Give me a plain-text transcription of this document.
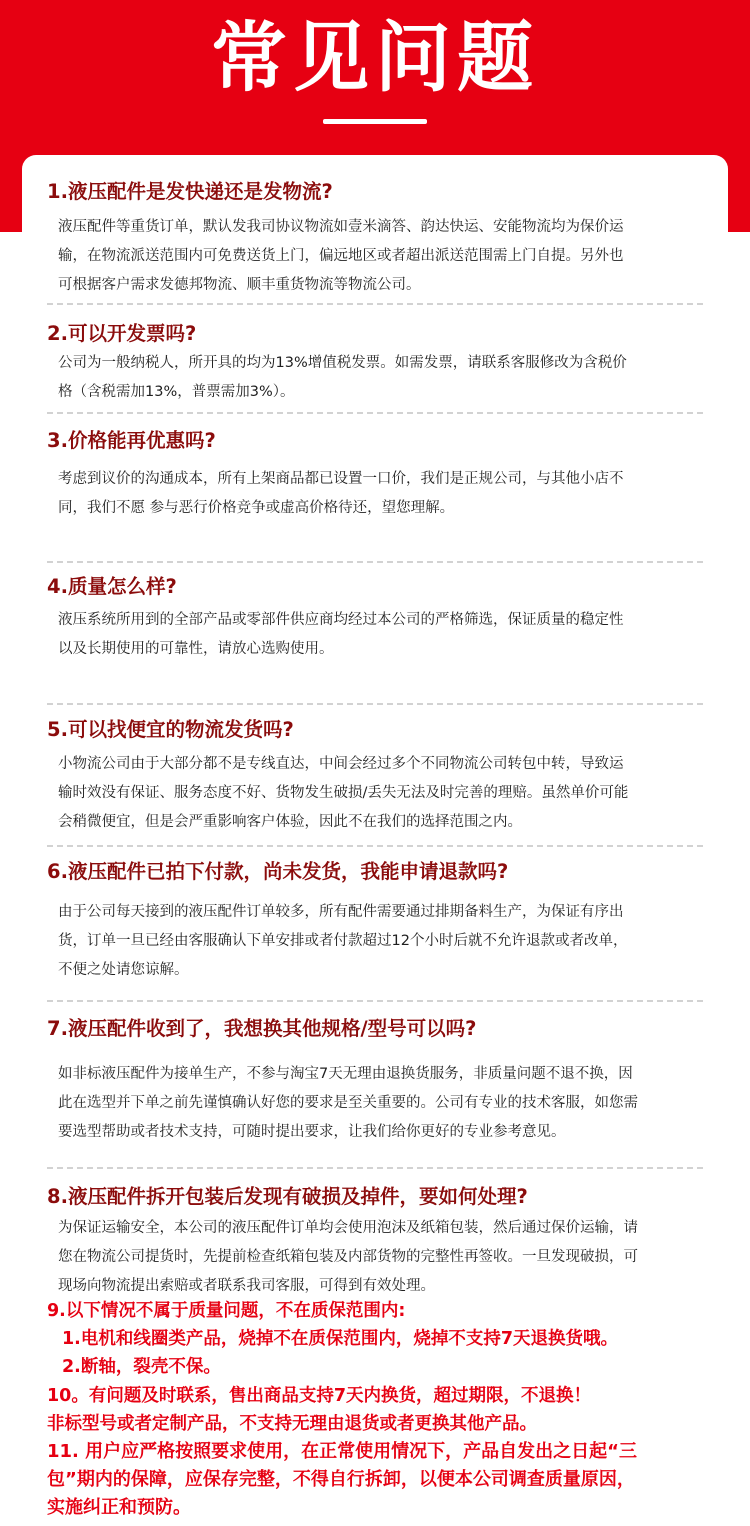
常见问题
1.液压配件是发快递还是发物流?

液压配件等重货订单，默认发我司协议物流如壹米滴答、韵达快运、安能物流均为保价运

输，在物流派送范围内可免费送货上门，偏远地区或者超出派送范围需上门自提。另外也

可根据客户需求发德邦物流、顺丰重货物流等物流公司。

2.可以开发票吗?

公司为一般纳税人，所开具的均为13%增值税发票。如需发票，请联系客服修改为含税价

格（含税需加13%，普票需加3%）。

3.价格能再优惠吗?

考虑到议价的沟通成本，所有上架商品都已设置一口价，我们是正规公司，与其他小店不

同，我们不愿 参与恶行价格竞争或虚高价格待还，望您理解。

4.质量怎么样?

液压系统所用到的全部产品或零部件供应商均经过本公司的严格筛选，保证质量的稳定性

以及长期使用的可靠性，请放心选购使用。

5.可以找便宜的物流发货吗?

小物流公司由于大部分都不是专线直达，中间会经过多个不同物流公司转包中转，导致运

输时效没有保证、服务态度不好、货物发生破损/丢失无法及时完善的理赔。虽然单价可能

会稍微便宜，但是会严重影响客户体验，因此不在我们的选择范围之内。

6.液压配件已拍下付款，尚未发货，我能申请退款吗?

由于公司每天接到的液压配件订单较多，所有配件需要通过排期备料生产，为保证有序出

货，订单一旦已经由客服确认下单安排或者付款超过12个小时后就不允许退款或者改单，

不便之处请您谅解。

7.液压配件收到了，我想换其他规格/型号可以吗?

如非标液压配件为接单生产，不参与淘宝7天无理由退换货服务，非质量问题不退不换，因

此在选型并下单之前先谨慎确认好您的要求是至关重要的。公司有专业的技术客服，如您需

要选型帮助或者技术支持，可随时提出要求，让我们给你更好的专业参考意见。

8.液压配件拆开包装后发现有破损及掉件，要如何处理?

为保证运输安全，本公司的液压配件订单均会使用泡沫及纸箱包装，然后通过保价运输，请

您在物流公司提货时，先提前检查纸箱包装及内部货物的完整性再签收。一旦发现破损，可

现场向物流提出索赔或者联系我司客服，可得到有效处理。

9.以下情况不属于质量问题，不在质保范围内:
1.电机和线圈类产品，烧掉不在质保范围内，烧掉不支持7天退换货哦。
2.断轴，裂壳不保。
10。有问题及时联系，售出商品支持7天内换货，超过期限，不退换！
非标型号或者定制产品，不支持无理由退货或者更换其他产品。
11. 用户应严格按照要求使用，在正常使用情况下，产品自发出之日起“三
包”期内的保障，应保存完整，不得自行拆卸，以便本公司调查质量原因，
实施纠正和预防。
